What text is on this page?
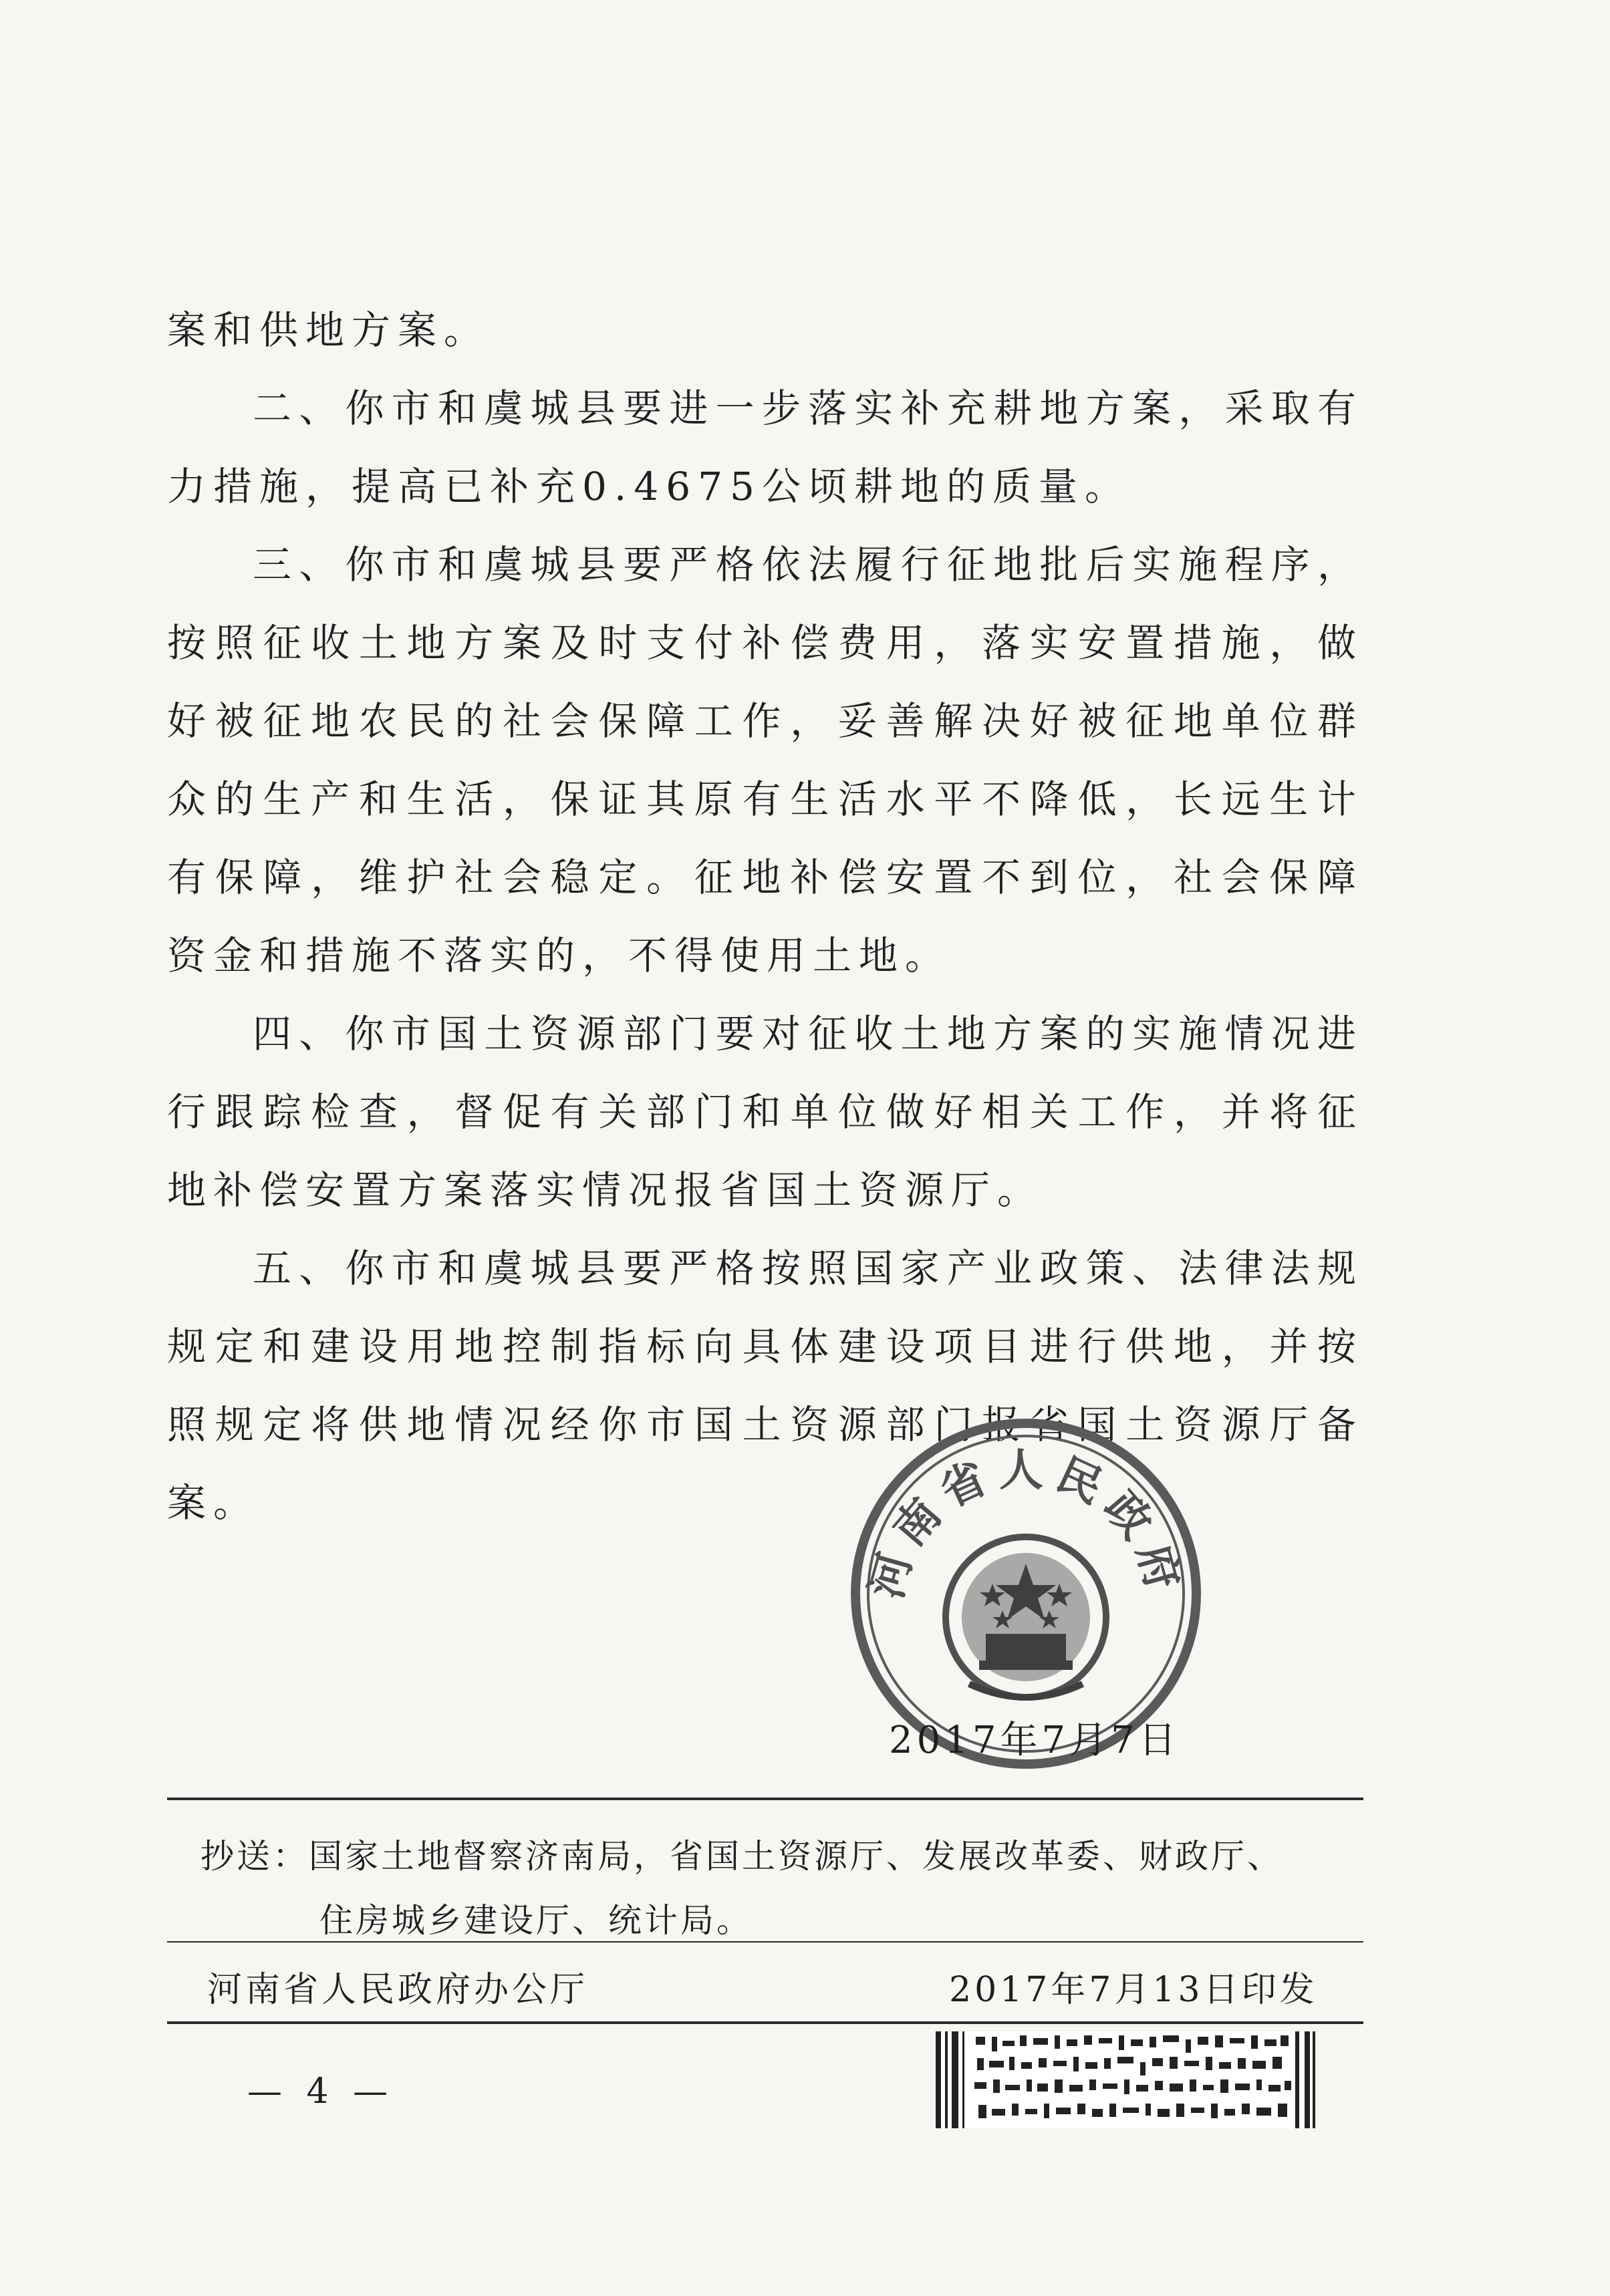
案和供地方案。

二、你市和虞城县要进一步落实补充耕地方案，采取有力措施，提高已补充0.4675公顷耕地的质量。

三、你市和虞城县要严格依法履行征地批后实施程序，按照征收土地方案及时支付补偿费用，落实安置措施，做好被征地农民的社会保障工作，妥善解决好被征地单位群众的生产和生活，保证其原有生活水平不降低，长远生计有保障，维护社会稳定。征地补偿安置不到位，社会保障资金和措施不落实的，不得使用土地。

四、你市国土资源部门要对征收土地方案的实施情况进行跟踪检查，督促有关部门和单位做好相关工作，并将征地补偿安置方案落实情况报省国土资源厅。

五、你市和虞城县要严格按照国家产业政策、法律法规规定和建设用地控制指标向具体建设项目进行供地，并按照规定将供地情况经你市国土资源部门报省国土资源厅备案。

河南省人民政府
2017年7月7日
抄送：国家土地督察济南局，省国土资源厅、发展改革委、财政厅、
住房城乡建设厅、统计局。
河南省人民政府办公厅	2017年7月13日印发
— 4 —
